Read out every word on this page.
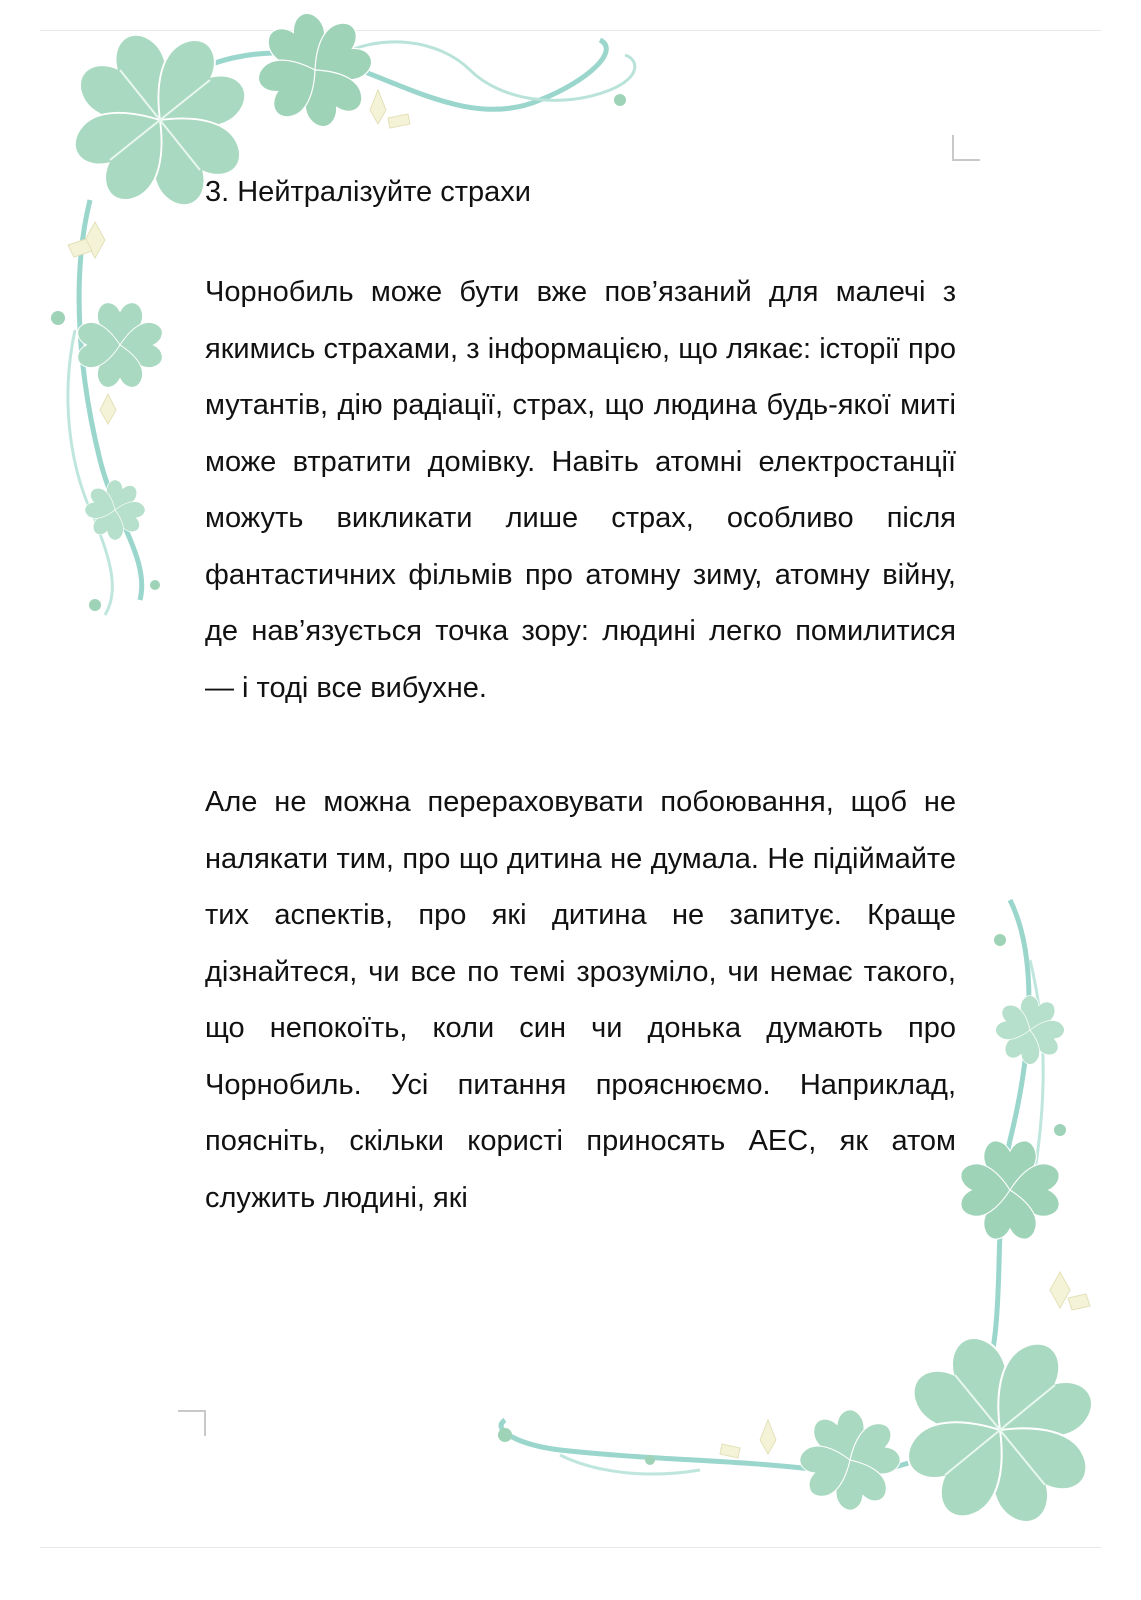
3. Нейтралізуйте страхи

Чорнобиль може бути вже пов’язаний для малечі з якимись страхами, з інформацією, що лякає: історії про мутантів, дію радіації, страх, що людина будь-якої миті може втратити домівку. Навіть атомні електростанції можуть викликати лише страх, особливо після фантастичних фільмів про атомну зиму, атомну війну, де нав’язується точка зору: людині легко помилитися — і тоді все вибухне.

Але не можна перераховувати побоювання, щоб не налякати тим, про що дитина не думала. Не підіймайте тих аспектів, про які дитина не запитує. Краще дізнайтеся, чи все по темі зрозуміло, чи немає такого, що непокоїть, коли син чи донька думають про Чорнобиль. Усі питання прояснюємо. Наприклад, поясніть, скільки користі приносять АЕС, як атом служить людині, які
